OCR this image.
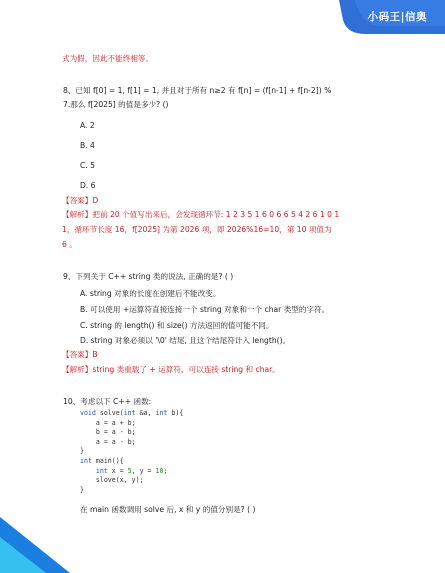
小码王|信奥
式为假，因此不能终相等。
8、已知 f[0] = 1, f[1] = 1, 并且对于所有 n≥2 有 f[n] = (f[n-1] + f[n-2]) %
7.那么 f[2025] 的值是多少? ()
A. 2
B. 4
C. 5
D. 6
【答案】D
【解析】把前 20 个值写出来后，会发现循环节: 1 2 3 5 1 6 0 6 6 5 4 2 6 1 0 1
1，循环节长度 16，f[2025] 为第 2026 项，即 2026%16=10，第 10 项值为
6 。
9、下列关于 C++ string 类的说法, 正确的是? ( )
A. string 对象的长度在创建后不能改变。
B. 可以使用 +运算符直接连接一个 string 对象和一个 char 类型的字符。
C. string 的 length() 和 size() 方法返回的值可能不同。
D. string 对象必须以 '\0' 结尾, 且这个结尾符计入 length()。
【答案】B
【解析】string 类重载了 + 运算符，可以连接 string 和 char。
10、考虑以下 C++ 函数:
void solve(int &a, int b){
a = a + b;
b = a - b;
a = a - b;
}
int main(){
int x = 5, y = 10;
slove(x, y);
}
在 main 函数调用 solve 后, x 和 y 的值分别是? ( )
